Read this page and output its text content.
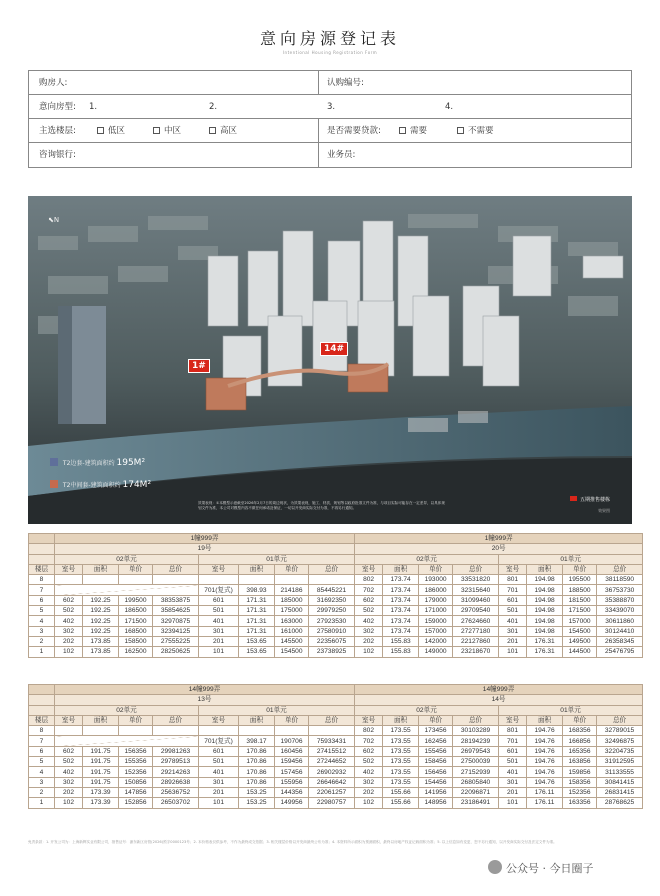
意向房源登记表
Intentional Housing Registration Form
购房人:	认购编号:
意向房型: 1.	2.	3.	4.
主选楼层:	低区	中区	高区	是否需要贷款:	需要	不需要
咨询银行:	业务员:
⬉N
1#
14#
T2边套-建筑面积约 195M²
T2中间套-建筑面积约 174M²
效果表现：①本模型示意截至2026年2月7日的周边现状，为效果表现，施工、材质、规划等以政府批准文件为准，与项目实际可能存在一定差异，以具体规划文件为准，本公司对模型内容不做任何承诺及保证，一切以开发商实际交付为准，不再另行通知。
五期推售楼栋
效果图
	1幢999弄								1幢999弄							
	19号								20号							
	02单元				01单元				02单元				01单元			
楼层	室号	面积	单价	总价	室号	面积	单价	总价	室号	面积	单价	总价	室号	面积	单价	总价
8									802	173.74	193000	33531820	801	194.98	195500	38118590
7					701(复式)	398.93	214186	85445221	702	173.74	186000	32315640	701	194.98	188500	36753730
6	602	192.25	199500	38353875	601	171.31	185000	31692350	602	173.74	179000	31099460	601	194.98	181500	35388870
5	502	192.25	186500	35854625	501	171.31	175000	29979250	502	173.74	171000	29709540	501	194.98	171500	33439070
4	402	192.25	171500	32970875	401	171.31	163000	27923530	402	173.74	159000	27624660	401	194.98	157000	30611860
3	302	192.25	168500	32394125	301	171.31	161000	27580910	302	173.74	157000	27277180	301	194.98	154500	30124410
2	202	173.85	158500	27555225	201	153.65	145500	22356075	202	155.83	142000	22127860	201	176.31	149500	26358345
1	102	173.85	162500	28250625	101	153.65	154500	23738925	102	155.83	149000	23218670	101	176.31	144500	25476795
	14幢999弄								14幢999弄							
	13号								14号							
	02单元				01单元				02单元				01单元			
楼层	室号	面积	单价	总价	室号	面积	单价	总价	室号	面积	单价	总价	室号	面积	单价	总价
8									802	173.55	173456	30103289	801	194.76	168356	32789015
7					701(复式)	398.17	190706	75933431	702	173.55	162456	28194239	701	194.76	166856	32496875
6	602	191.75	156356	29981263	601	170.86	160456	27415512	602	173.55	155456	26979543	601	194.76	165356	32204735
5	502	191.75	155356	29789513	501	170.86	159456	27244652	502	173.55	158456	27500039	501	194.76	163856	31912595
4	402	191.75	152356	29214263	401	170.86	157456	26902932	402	173.55	156456	27152939	401	194.76	159856	31133555
3	302	191.75	150856	28926638	301	170.86	155956	26646642	302	173.55	154456	26805840	301	194.76	158356	30841415
2	202	173.39	147856	25636752	201	153.25	144356	22061257	202	155.66	141956	22096871	201	176.11	152356	26831415
1	102	173.39	152856	26503702	101	153.25	149956	22980757	102	155.66	148956	23186491	101	176.11	163356	28768625
免责条款：1. 开发公司为：上海新辉实业有限公司，指售证号：浦东新区房管(2026)预字0000123号；2. 本价格表仅供参考，不作为最终成交依据；3. 相关楼层价格以开发商最终公布为准；4. 本资料所示面积为预测面积，最终以房地产权证记载面积为准；5. 以上信息如有变更，恕不另行通知，以开发商实际交付及法定文件为准。
公众号 · 今日圈子
